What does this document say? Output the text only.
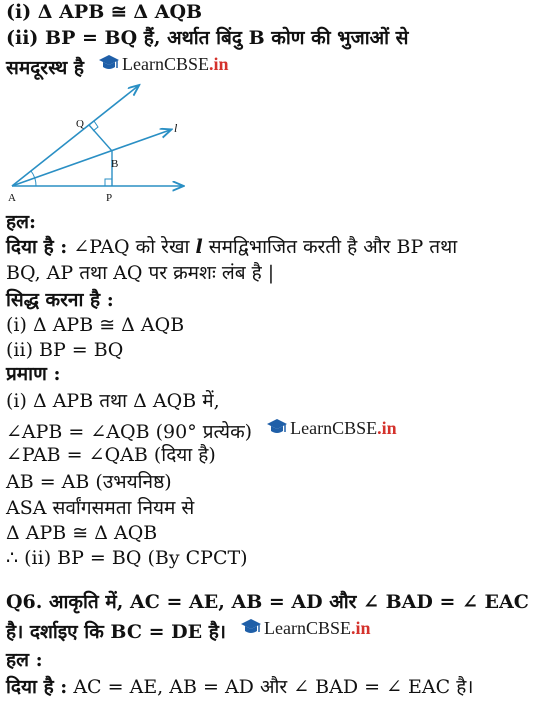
(i) Δ APB ≅ Δ AQB
(ii) BP = BQ हैं, अर्थात बिंदु B कोण की भुजाओं से
समदूरस्थ है LearnCBSE .in
Q	l
B
A	P
हल:
दिया है : ∠PAQ को रेखा l समद्विभाजित करती है और BP तथा
BQ, AP तथा AQ पर क्रमशः लंब है |
सिद्ध करना है :
(i) Δ APB ≅ Δ AQB
(ii) BP = BQ
प्रमाण :
(i) Δ APB तथा Δ AQB में,
∠APB = ∠AQB (90° प्रत्येक) LearnCBSE .in
∠PAB = ∠QAB (दिया है)
AB = AB (उभयनिष्ठ)
ASA सर्वांगसमता नियम से
Δ APB ≅ Δ AQB
∴ (ii) BP = BQ (By CPCT)
Q6. आकृति में, AC = AE, AB = AD और ∠ BAD = ∠ EAC
है। दर्शाइए कि BC = DE है। LearnCBSE .in
हल :
दिया है : AC = AE, AB = AD और ∠ BAD = ∠ EAC है।
